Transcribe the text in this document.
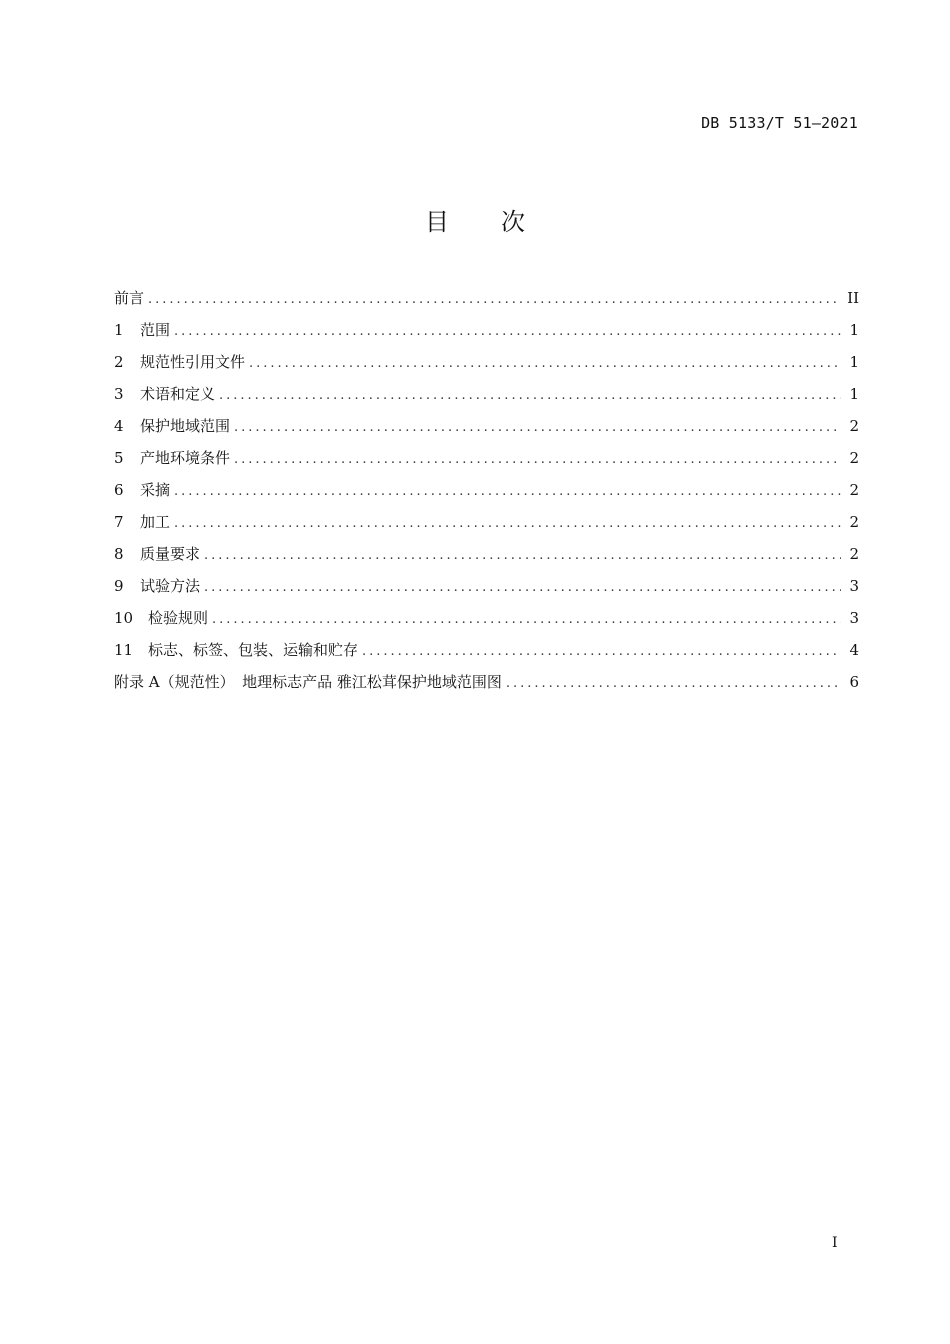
DB 5133/T 51—2021
目次
前言 .....	II
1	范围 .....	1
2	规范性引用文件 .....	1
3	术语和定义 .....	1
4	保护地域范围 .....	2
5	产地环境条件 .....	2
6	采摘 .....	2
7	加工 .....	2
8	质量要求 .....	2
9	试验方法 .....	3
10 检验规则 .....	3
11 标志、标签、包装、运输和贮存 .....	4
附录 A（规范性）　地理标志产品 雅江松茸保护地域范围图 .....	6
I
